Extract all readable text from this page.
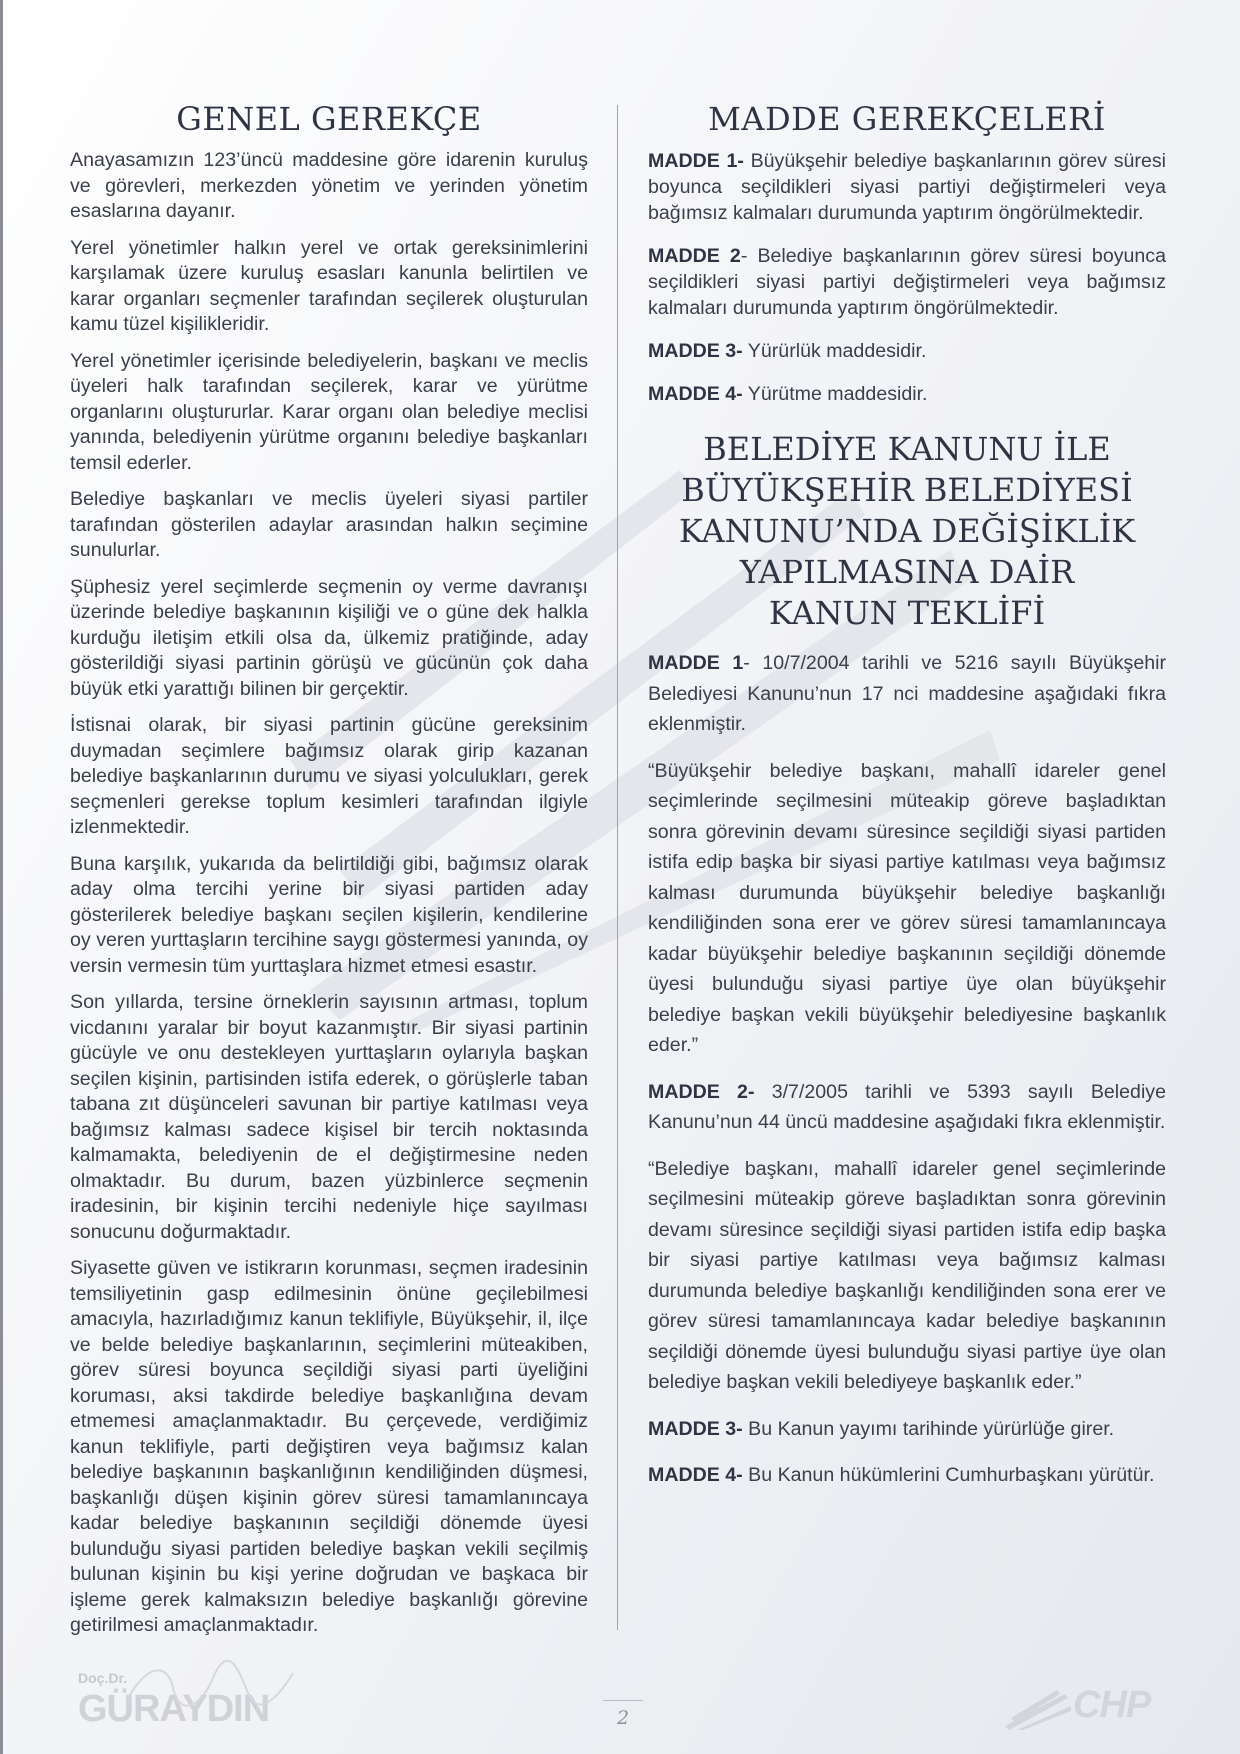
GENEL GEREKÇE

Anayasamızın 123’üncü maddesine göre idarenin kuruluş ve görevleri, merkezden yönetim ve yerinden yönetim esaslarına dayanır.

Yerel yönetimler halkın yerel ve ortak gereksinimlerini karşılamak üzere kuruluş esasları kanunla belirtilen ve karar organları seçmenler tarafından seçilerek oluşturulan kamu tüzel kişilikleridir.

Yerel yönetimler içerisinde belediyelerin, başkanı ve meclis üyeleri halk tarafından seçilerek, karar ve yürütme organlarını oluştururlar. Karar organı olan belediye meclisi yanında, belediyenin yürütme organını belediye başkanları temsil ederler.

Belediye başkanları ve meclis üyeleri siyasi partiler tarafından gösterilen adaylar arasından halkın seçimine sunulurlar.

Şüphesiz yerel seçimlerde seçmenin oy verme davranışı üzerinde belediye başkanının kişiliği ve o güne dek halkla kurduğu iletişim etkili olsa da, ülkemiz pratiğinde, aday gösterildiği siyasi partinin görüşü ve gücünün çok daha büyük etki yarattığı bilinen bir gerçektir.

İstisnai olarak, bir siyasi partinin gücüne gereksinim duymadan seçimlere bağımsız olarak girip kazanan belediye başkanlarının durumu ve siyasi yolculukları, gerek seçmenleri gerekse toplum kesimleri tarafından ilgiyle izlenmektedir.

Buna karşılık, yukarıda da belirtildiği gibi, bağımsız olarak aday olma tercihi yerine bir siyasi partiden aday gösterilerek belediye başkanı seçilen kişilerin, kendilerine oy veren yurttaşların tercihine saygı göstermesi yanında, oy versin vermesin tüm yurttaşlara hizmet etmesi esastır.

Son yıllarda, tersine örneklerin sayısının artması, toplum vicdanını yaralar bir boyut kazanmıştır. Bir siyasi partinin gücüyle ve onu destekleyen yurttaşların oylarıyla başkan seçilen kişinin, partisinden istifa ederek, o görüşlerle taban tabana zıt düşünceleri savunan bir partiye katılması veya bağımsız kalması sadece kişisel bir tercih noktasında kalmamakta, belediyenin de el değiştirmesine neden olmaktadır. Bu durum, bazen yüzbinlerce seçmenin iradesinin, bir kişinin tercihi nedeniyle hiçe sayılması sonucunu doğurmaktadır.

Siyasette güven ve istikrarın korunması, seçmen iradesinin temsiliyetinin gasp edilmesinin önüne geçilebilmesi amacıyla, hazırladığımız kanun teklifiyle, Büyükşehir, il, ilçe ve belde belediye başkanlarının, seçimlerini müteakiben, görev süresi boyunca seçildiği siyasi parti üyeliğini koruması, aksi takdirde belediye başkanlığına devam etmemesi amaçlanmaktadır. Bu çerçevede, verdiğimiz kanun teklifiyle, parti değiştiren veya bağımsız kalan belediye başkanının başkanlığının kendiliğinden düşmesi, başkanlığı düşen kişinin görev süresi tamamlanıncaya kadar belediye başkanının seçildiği dönemde üyesi bulunduğu siyasi partiden belediye başkan vekili seçilmiş bulunan kişinin bu kişi yerine doğrudan ve başkaca bir işleme gerek kalmaksızın belediye başkanlığı görevine getirilmesi amaçlanmaktadır.

MADDE GEREKÇELERİ

MADDE 1- Büyükşehir belediye başkanlarının görev süresi boyunca seçildikleri siyasi partiyi değiştirmeleri veya bağımsız kalmaları durumunda yaptırım öngörülmektedir.

MADDE 2- Belediye başkanlarının görev süresi boyunca seçildikleri siyasi partiyi değiştirmeleri veya bağımsız kalmaları durumunda yaptırım öngörülmektedir.

MADDE 3- Yürürlük maddesidir.

MADDE 4- Yürütme maddesidir.

BELEDİYE KANUNU İLE
BÜYÜKŞEHİR BELEDİYESİ
KANUNU’NDA DEĞİŞİKLİK
YAPILMASINA DAİR
KANUN TEKLİFİ

MADDE 1- 10/7/2004 tarihli ve 5216 sayılı Büyükşehir Belediyesi Kanunu’nun 17 nci maddesine aşağıdaki fıkra eklenmiştir.

“Büyükşehir belediye başkanı, mahallî idareler genel seçimlerinde seçilmesini müteakip göreve başladıktan sonra görevinin devamı süresince seçildiği siyasi partiden istifa edip başka bir siyasi partiye katılması veya bağımsız kalması durumunda büyükşehir belediye başkanlığı kendiliğinden sona erer ve görev süresi tamamlanıncaya kadar büyükşehir belediye başkanının seçildiği dönemde üyesi bulunduğu siyasi partiye üye olan büyükşehir belediye başkan vekili büyükşehir belediyesine başkanlık eder.”

MADDE 2- 3/7/2005 tarihli ve 5393 sayılı Belediye Kanunu’nun 44 üncü maddesine aşağıdaki fıkra eklenmiştir.

“Belediye başkanı, mahallî idareler genel seçimlerinde seçilmesini müteakip göreve başladıktan sonra görevinin devamı süresince seçildiği siyasi partiden istifa edip başka bir siyasi partiye katılması veya bağımsız kalması durumunda belediye başkanlığı kendiliğinden sona erer ve görev süresi tamamlanıncaya kadar belediye başkanının seçildiği dönemde üyesi bulunduğu siyasi partiye üye olan belediye başkan vekili belediyeye başkanlık eder.”

MADDE 3- Bu Kanun yayımı tarihinde yürürlüğe girer.

MADDE 4- Bu Kanun hükümlerini Cumhurbaşkanı yürütür.

Doç.Dr.
GÜRAYDIN	2	CHP
